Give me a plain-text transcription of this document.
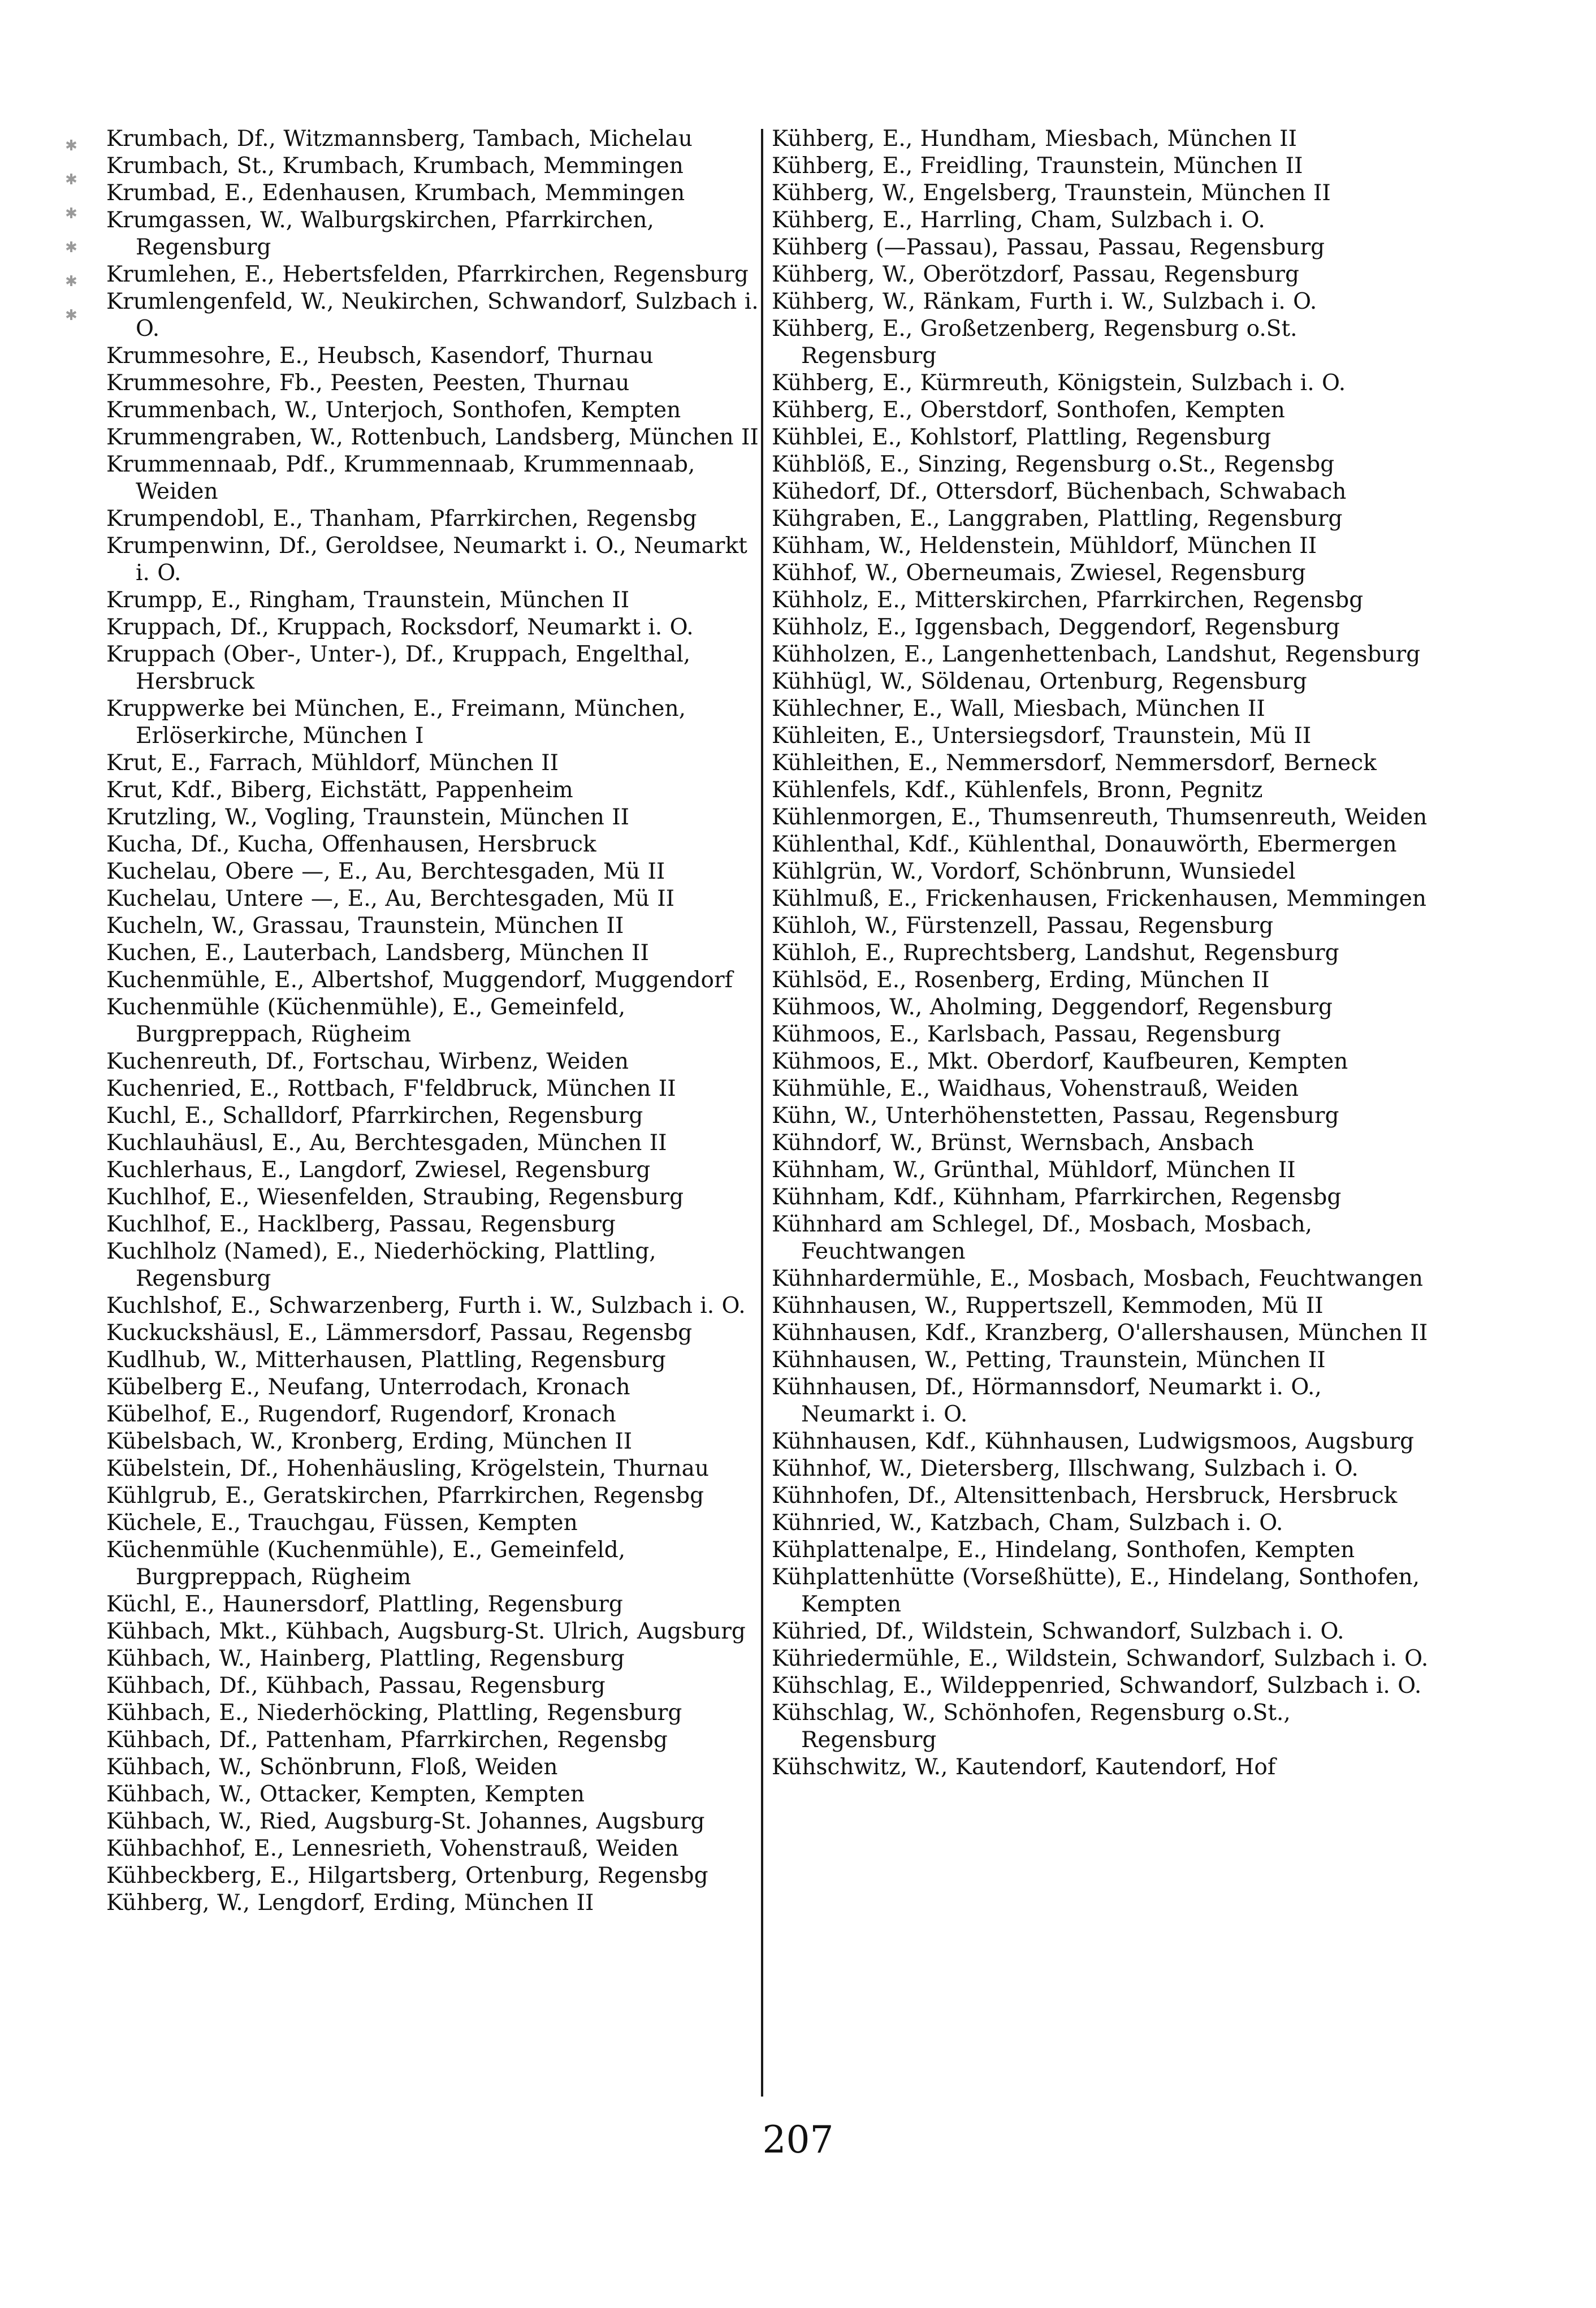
✱
✱
✱
✱
✱
✱
Krumbach, Df., Witzmannsberg, Tambach, Michelau
Krumbach, St., Krumbach, Krumbach, Memmingen
Krumbad, E., Edenhausen, Krumbach, Memmingen
Krumgassen, W., Walburgskirchen, Pfarrkirchen, Regensburg
Krumlehen, E., Hebertsfelden, Pfarrkirchen, Regensburg
Krumlengenfeld, W., Neukirchen, Schwandorf, Sulzbach i. O.
Krummesohre, E., Heubsch, Kasendorf, Thurnau
Krummesohre, Fb., Peesten, Peesten, Thurnau
Krummenbach, W., Unterjoch, Sonthofen, Kempten
Krummengraben, W., Rottenbuch, Landsberg, München II
Krummennaab, Pdf., Krummennaab, Krummennaab, Weiden
Krumpendobl, E., Thanham, Pfarrkirchen, Regensbg
Krumpenwinn, Df., Geroldsee, Neumarkt i. O., Neumarkt i. O.
Krumpp, E., Ringham, Traunstein, München II
Kruppach, Df., Kruppach, Rocksdorf, Neumarkt i. O.
Kruppach (Ober-, Unter-), Df., Kruppach, Engelthal, Hersbruck
Kruppwerke bei München, E., Freimann, München, Erlöserkirche, München I
Krut, E., Farrach, Mühldorf, München II
Krut, Kdf., Biberg, Eichstätt, Pappenheim
Krutzling, W., Vogling, Traunstein, München II
Kucha, Df., Kucha, Offenhausen, Hersbruck
Kuchelau, Obere —, E., Au, Berchtesgaden, Mü II
Kuchelau, Untere —, E., Au, Berchtesgaden, Mü II
Kucheln, W., Grassau, Traunstein, München II
Kuchen, E., Lauterbach, Landsberg, München II
Kuchenmühle, E., Albertshof, Muggendorf, Muggendorf
Kuchenmühle (Küchenmühle), E., Gemeinfeld, Burgpreppach, Rügheim
Kuchenreuth, Df., Fortschau, Wirbenz, Weiden
Kuchenried, E., Rottbach, F'feldbruck, München II
Kuchl, E., Schalldorf, Pfarrkirchen, Regensburg
Kuchlauhäusl, E., Au, Berchtesgaden, München II
Kuchlerhaus, E., Langdorf, Zwiesel, Regensburg
Kuchlhof, E., Wiesenfelden, Straubing, Regensburg
Kuchlhof, E., Hacklberg, Passau, Regensburg
Kuchlholz (Named), E., Niederhöcking, Plattling, Regensburg
Kuchlshof, E., Schwarzenberg, Furth i. W., Sulzbach i. O.
Kuckuckshäusl, E., Lämmersdorf, Passau, Regensbg
Kudlhub, W., Mitterhausen, Plattling, Regensburg
Kübelberg E., Neufang, Unterrodach, Kronach
Kübelhof, E., Rugendorf, Rugendorf, Kronach
Kübelsbach, W., Kronberg, Erding, München II
Kübelstein, Df., Hohenhäusling, Krögelstein, Thurnau
Kühlgrub, E., Geratskirchen, Pfarrkirchen, Regensbg
Küchele, E., Trauchgau, Füssen, Kempten
Küchenmühle (Kuchenmühle), E., Gemeinfeld, Burgpreppach, Rügheim
Küchl, E., Haunersdorf, Plattling, Regensburg
Kühbach, Mkt., Kühbach, Augsburg-St. Ulrich, Augsburg
Kühbach, W., Hainberg, Plattling, Regensburg
Kühbach, Df., Kühbach, Passau, Regensburg
Kühbach, E., Niederhöcking, Plattling, Regensburg
Kühbach, Df., Pattenham, Pfarrkirchen, Regensbg
Kühbach, W., Schönbrunn, Floß, Weiden
Kühbach, W., Ottacker, Kempten, Kempten
Kühbach, W., Ried, Augsburg-St. Johannes, Augsburg
Kühbachhof, E., Lennesrieth, Vohenstrauß, Weiden
Kühbeckberg, E., Hilgartsberg, Ortenburg, Regensbg
Kühberg, W., Lengdorf, Erding, München II
Kühberg, E., Hundham, Miesbach, München II
Kühberg, E., Freidling, Traunstein, München II
Kühberg, W., Engelsberg, Traunstein, München II
Kühberg, E., Harrling, Cham, Sulzbach i. O.
Kühberg (—Passau), Passau, Passau, Regensburg
Kühberg, W., Oberötzdorf, Passau, Regensburg
Kühberg, W., Ränkam, Furth i. W., Sulzbach i. O.
Kühberg, E., Großetzenberg, Regensburg o.St. Regensburg
Kühberg, E., Kürmreuth, Königstein, Sulzbach i. O.
Kühberg, E., Oberstdorf, Sonthofen, Kempten
Kühblei, E., Kohlstorf, Plattling, Regensburg
Kühblöß, E., Sinzing, Regensburg o.St., Regensbg
Kühedorf, Df., Ottersdorf, Büchenbach, Schwabach
Kühgraben, E., Langgraben, Plattling, Regensburg
Kühham, W., Heldenstein, Mühldorf, München II
Kühhof, W., Oberneumais, Zwiesel, Regensburg
Kühholz, E., Mitterskirchen, Pfarrkirchen, Regensbg
Kühholz, E., Iggensbach, Deggendorf, Regensburg
Kühholzen, E., Langenhettenbach, Landshut, Regensburg
Kühhügl, W., Söldenau, Ortenburg, Regensburg
Kühlechner, E., Wall, Miesbach, München II
Kühleiten, E., Untersiegsdorf, Traunstein, Mü II
Kühleithen, E., Nemmersdorf, Nemmersdorf, Berneck
Kühlenfels, Kdf., Kühlenfels, Bronn, Pegnitz
Kühlenmorgen, E., Thumsenreuth, Thumsenreuth, Weiden
Kühlenthal, Kdf., Kühlenthal, Donauwörth, Ebermergen
Kühlgrün, W., Vordorf, Schönbrunn, Wunsiedel
Kühlmuß, E., Frickenhausen, Frickenhausen, Memmingen
Kühloh, W., Fürstenzell, Passau, Regensburg
Kühloh, E., Ruprechtsberg, Landshut, Regensburg
Kühlsöd, E., Rosenberg, Erding, München II
Kühmoos, W., Aholming, Deggendorf, Regensburg
Kühmoos, E., Karlsbach, Passau, Regensburg
Kühmoos, E., Mkt. Oberdorf, Kaufbeuren, Kempten
Kühmühle, E., Waidhaus, Vohenstrauß, Weiden
Kühn, W., Unterhöhenstetten, Passau, Regensburg
Kühndorf, W., Brünst, Wernsbach, Ansbach
Kühnham, W., Grünthal, Mühldorf, München II
Kühnham, Kdf., Kühnham, Pfarrkirchen, Regensbg
Kühnhard am Schlegel, Df., Mosbach, Mosbach, Feuchtwangen
Kühnhardermühle, E., Mosbach, Mosbach, Feuchtwangen
Kühnhausen, W., Ruppertszell, Kemmoden, Mü II
Kühnhausen, Kdf., Kranzberg, O'allershausen, München II
Kühnhausen, W., Petting, Traunstein, München II
Kühnhausen, Df., Hörmannsdorf, Neumarkt i. O., Neumarkt i. O.
Kühnhausen, Kdf., Kühnhausen, Ludwigsmoos, Augsburg
Kühnhof, W., Dietersberg, Illschwang, Sulzbach i. O.
Kühnhofen, Df., Altensittenbach, Hersbruck, Hersbruck
Kühnried, W., Katzbach, Cham, Sulzbach i. O.
Kühplattenalpe, E., Hindelang, Sonthofen, Kempten
Kühplattenhütte (Vorseßhütte), E., Hindelang, Sonthofen, Kempten
Kühried, Df., Wildstein, Schwandorf, Sulzbach i. O.
Kühriedermühle, E., Wildstein, Schwandorf, Sulzbach i. O.
Kühschlag, E., Wildeppenried, Schwandorf, Sulzbach i. O.
Kühschlag, W., Schönhofen, Regensburg o.St., Regensburg
Kühschwitz, W., Kautendorf, Kautendorf, Hof
207
